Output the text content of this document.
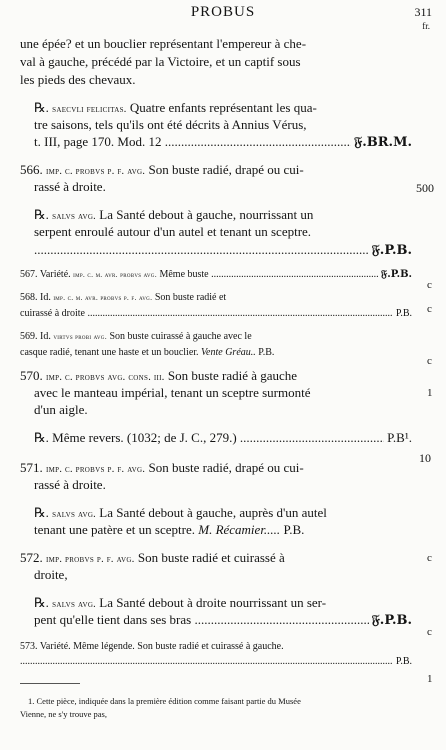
PROBUS	311
fr.
une épée? et un bouclier représentant l'empereur à che-
val à gauche, précédé par la Victoire, et un captif sous
les pieds des chevaux.
℞. saecvli felicitas. Quatre enfants représentant les qua-
tre saisons, tels qu'ils ont été décrits à Annius Vérus,
𝔉.BR.M.
t. III, page 170. Mod. 12 .....
566. imp. c. probvs p. f. avg. Son buste radié, drapé ou cui-
rassé à droite.
℞. salvs avg. La Santé debout à gauche, nourrissant un
serpent enroulé autour d'un autel et tenant un sceptre.
𝔉.P.B.
.....
𝔉.P.B.
567. Variété. imp. c. m. avr. probvs avg. Même buste .....
568. Id. imp. c. m. avr. probvs p. f. avg. Son buste radié et
P.B.
cuirassé à droite .....
569. Id. virtvs probi avg. Son buste cuirassé à gauche avec le
casque radié, tenant une haste et un bouclier. Vente Gréau.. P.B.
570. imp. c. probvs avg. cons. iii. Son buste radié à gauche
avec le manteau impérial, tenant un sceptre surmonté
d'un aigle.
P.B¹.
℞. Même revers. (1032; de J. C., 279.) .....
571. imp. c. probvs p. f. avg. Son buste radié, drapé ou cui-
rassé à droite.
℞. salvs avg. La Santé debout à gauche, auprès d'un autel
tenant une patère et un sceptre. M. Récamier..... P.B.
572. imp. probvs p. f. avg. Son buste radié et cuirassé à
droite,
℞. salvs avg. La Santé debout à droite nourrissant un ser-
𝔉.P.B.
pent qu'elle tient dans ses bras .....
573. Variété. Même légende. Son buste radié et cuirassé à gauche.
P.B.
.....
1. Cette pièce, indiquée dans la première édition comme faisant partie du Musée
Vienne, ne s'y trouve pas,
500
c
c
c
1
10
c
c
1
